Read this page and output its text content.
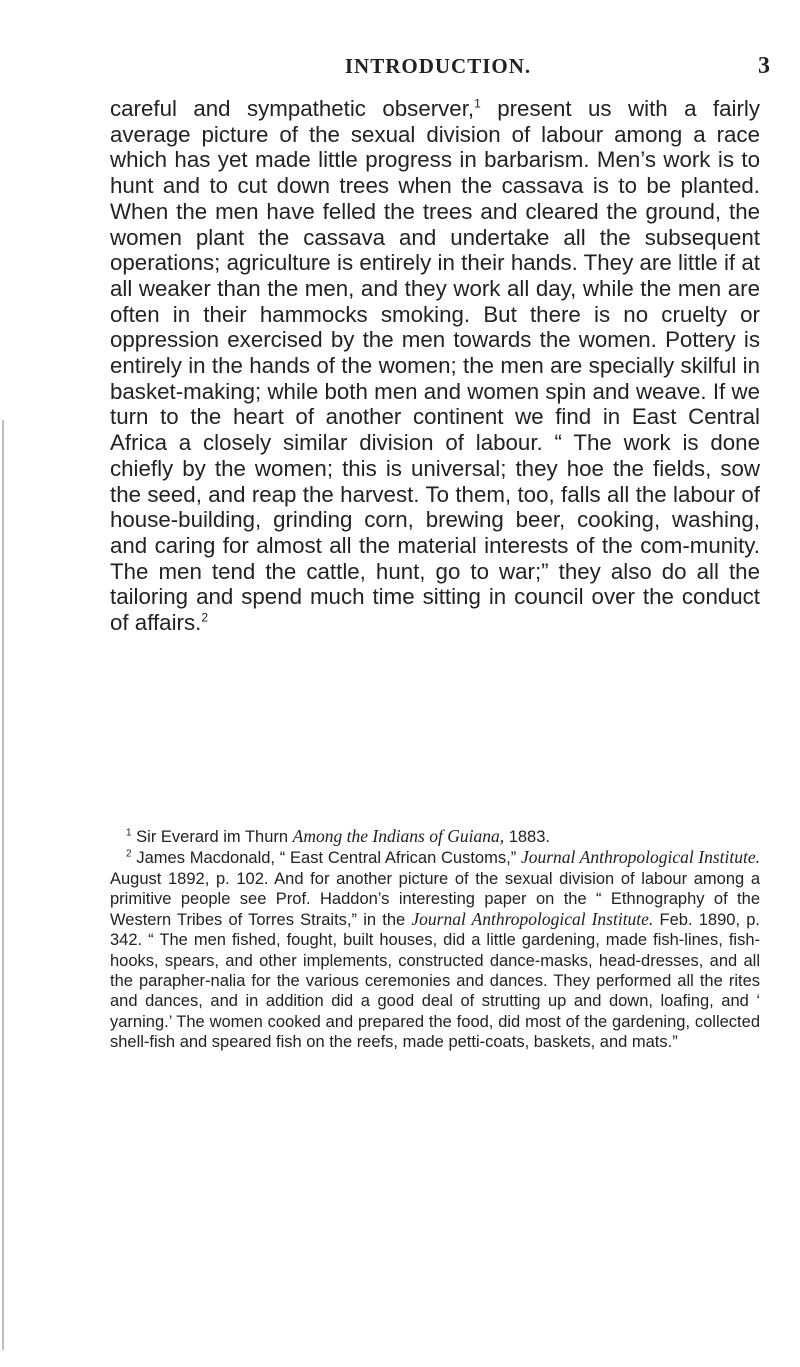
INTRODUCTION.	3

careful and sympathetic observer,$^1$ present us with a fairly average picture of the sexual division of labour among a race which has yet made little progress in barbarism. Men’s work is to hunt and to cut down trees when the cassava is to be planted. When the men have felled the trees and cleared the ground, the women plant the cassava and undertake all the subsequent operations; agriculture is entirely in their hands. They are little if at all weaker than the men, and they work all day, while the men are often in their hammocks smoking. But there is no cruelty or oppression exercised by the men towards the women. Pottery is entirely in the hands of the women; the men are specially skilful in basket-making; while both men and women spin and weave. If we turn to the heart of another continent we find in East Central Africa a closely similar division of labour. “ The work is done chiefly by the women; this is universal; they hoe the fields, sow the seed, and reap the harvest. To them, too, falls all the labour of house-building, grinding corn, brewing beer, cooking, washing, and caring for almost all the material interests of the com-munity. The men tend the cattle, hunt, go to war;” they also do all the tailoring and spend much time sitting in council over the conduct of affairs.$^2$

$^1$ Sir Everard im Thurn Among the Indians of Guiana, 1883.

$^2$ James Macdonald, “ East Central African Customs,” Journal Anthropological Institute. August 1892, p. 102. And for another picture of the sexual division of labour among a primitive people see Prof. Haddon’s interesting paper on the “ Ethnography of the Western Tribes of Torres Straits,” in the Journal Anthropological Institute. Feb. 1890, p. 342. “ The men fished, fought, built houses, did a little gardening, made fish-lines, fish-hooks, spears, and other implements, constructed dance-masks, head-dresses, and all the parapher-nalia for the various ceremonies and dances. They performed all the rites and dances, and in addition did a good deal of strutting up and down, loafing, and ‘ yarning.’ The women cooked and prepared the food, did most of the gardening, collected shell-fish and speared fish on the reefs, made petti-coats, baskets, and mats.”
